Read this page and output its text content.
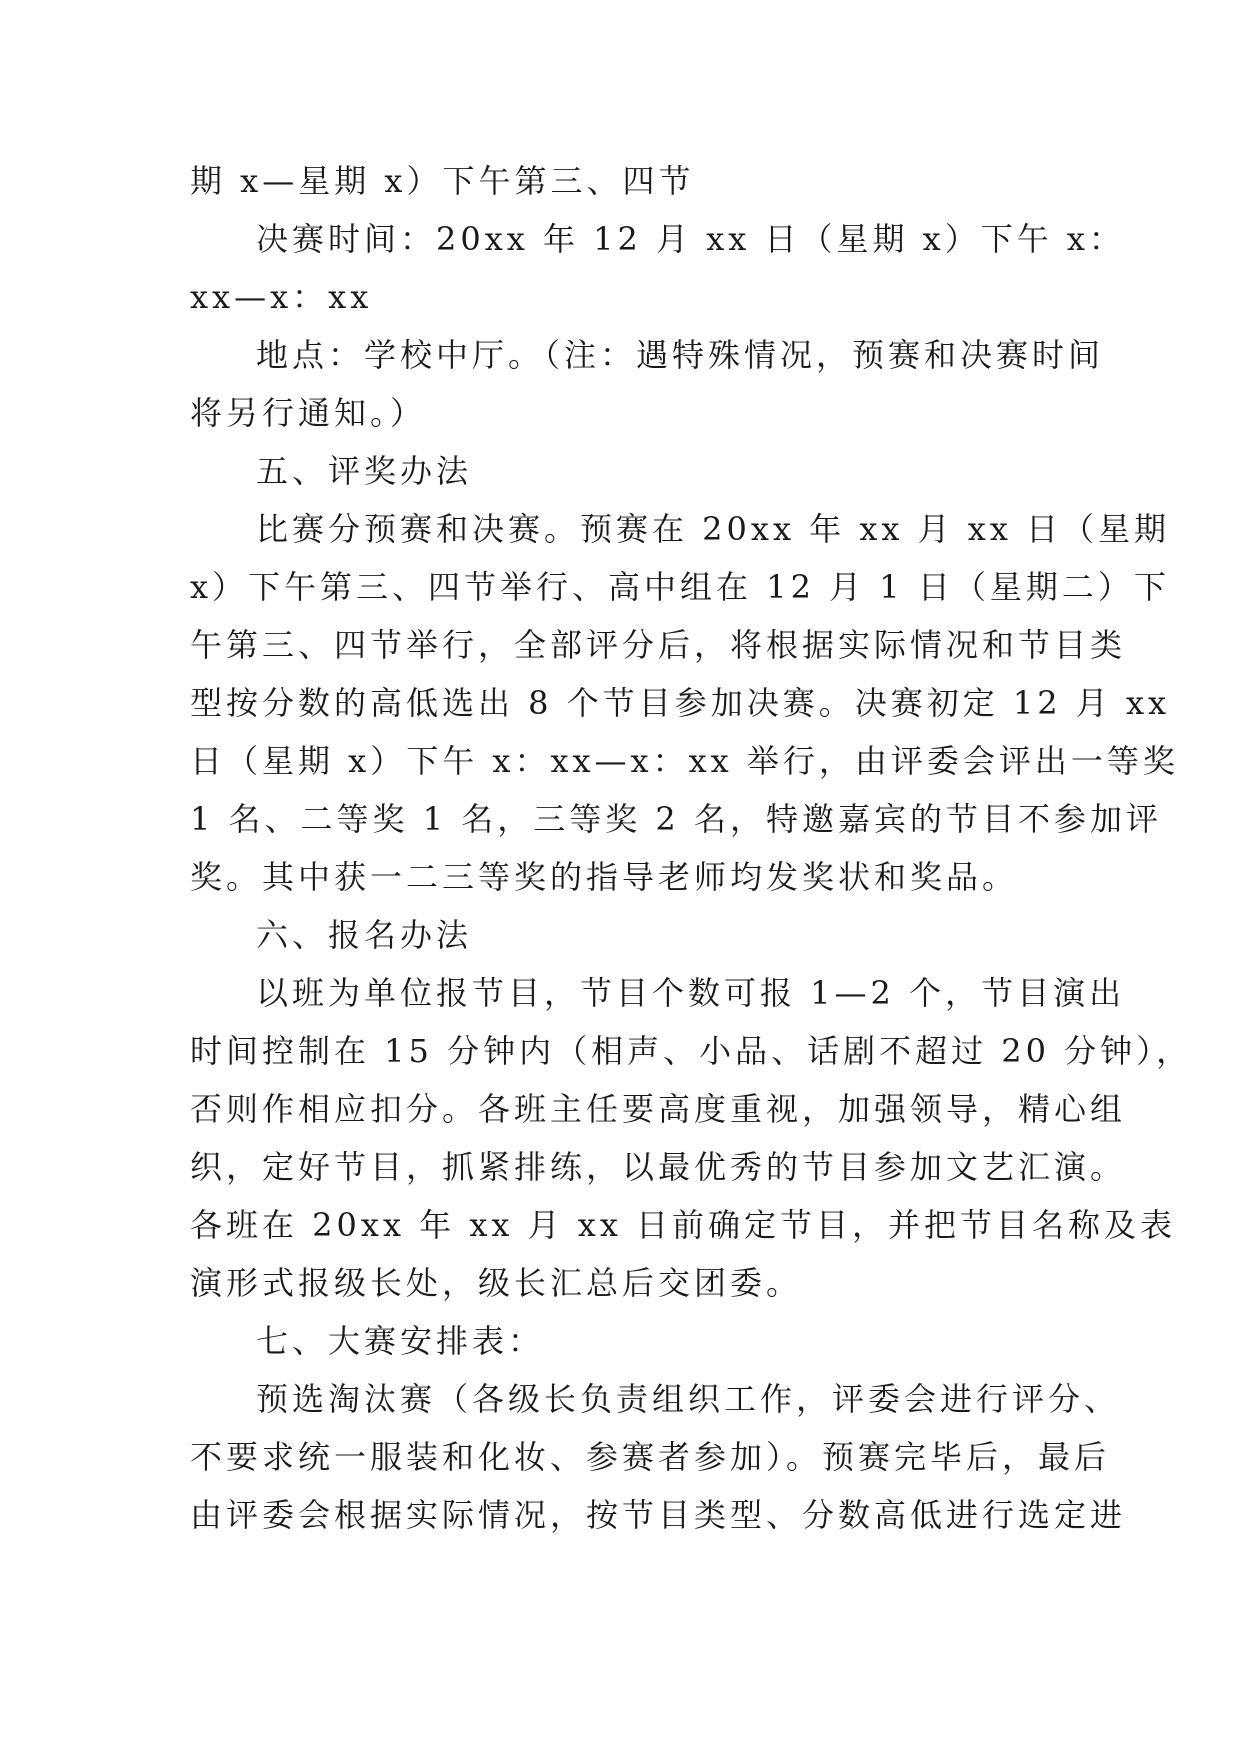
期 x—星期 x）下午第三、四节
决赛时间：20xx 年 12 月 xx 日（星期 x）下午 x：
xx—x：xx
地点：学校中厅。（注：遇特殊情况，预赛和决赛时间
将另行通知。）
五、评奖办法
比赛分预赛和决赛。预赛在 20xx 年 xx 月 xx 日（星期
x）下午第三、四节举行、高中组在 12 月 1 日（星期二）下
午第三、四节举行，全部评分后，将根据实际情况和节目类
型按分数的高低选出 8 个节目参加决赛。决赛初定 12 月 xx
日（星期 x）下午 x：xx—x：xx 举行，由评委会评出一等奖
1 名、二等奖 1 名，三等奖 2 名，特邀嘉宾的节目不参加评
奖。其中获一二三等奖的指导老师均发奖状和奖品。
六、报名办法
以班为单位报节目，节目个数可报 1—2 个，节目演出
时间控制在 15 分钟内（相声、小品、话剧不超过 20 分钟），
否则作相应扣分。各班主任要高度重视，加强领导，精心组
织，定好节目，抓紧排练，以最优秀的节目参加文艺汇演。
各班在 20xx 年 xx 月 xx 日前确定节目，并把节目名称及表
演形式报级长处，级长汇总后交团委。
七、大赛安排表：
预选淘汰赛（各级长负责组织工作，评委会进行评分、
不要求统一服装和化妆、参赛者参加）。预赛完毕后，最后
由评委会根据实际情况，按节目类型、分数高低进行选定进
